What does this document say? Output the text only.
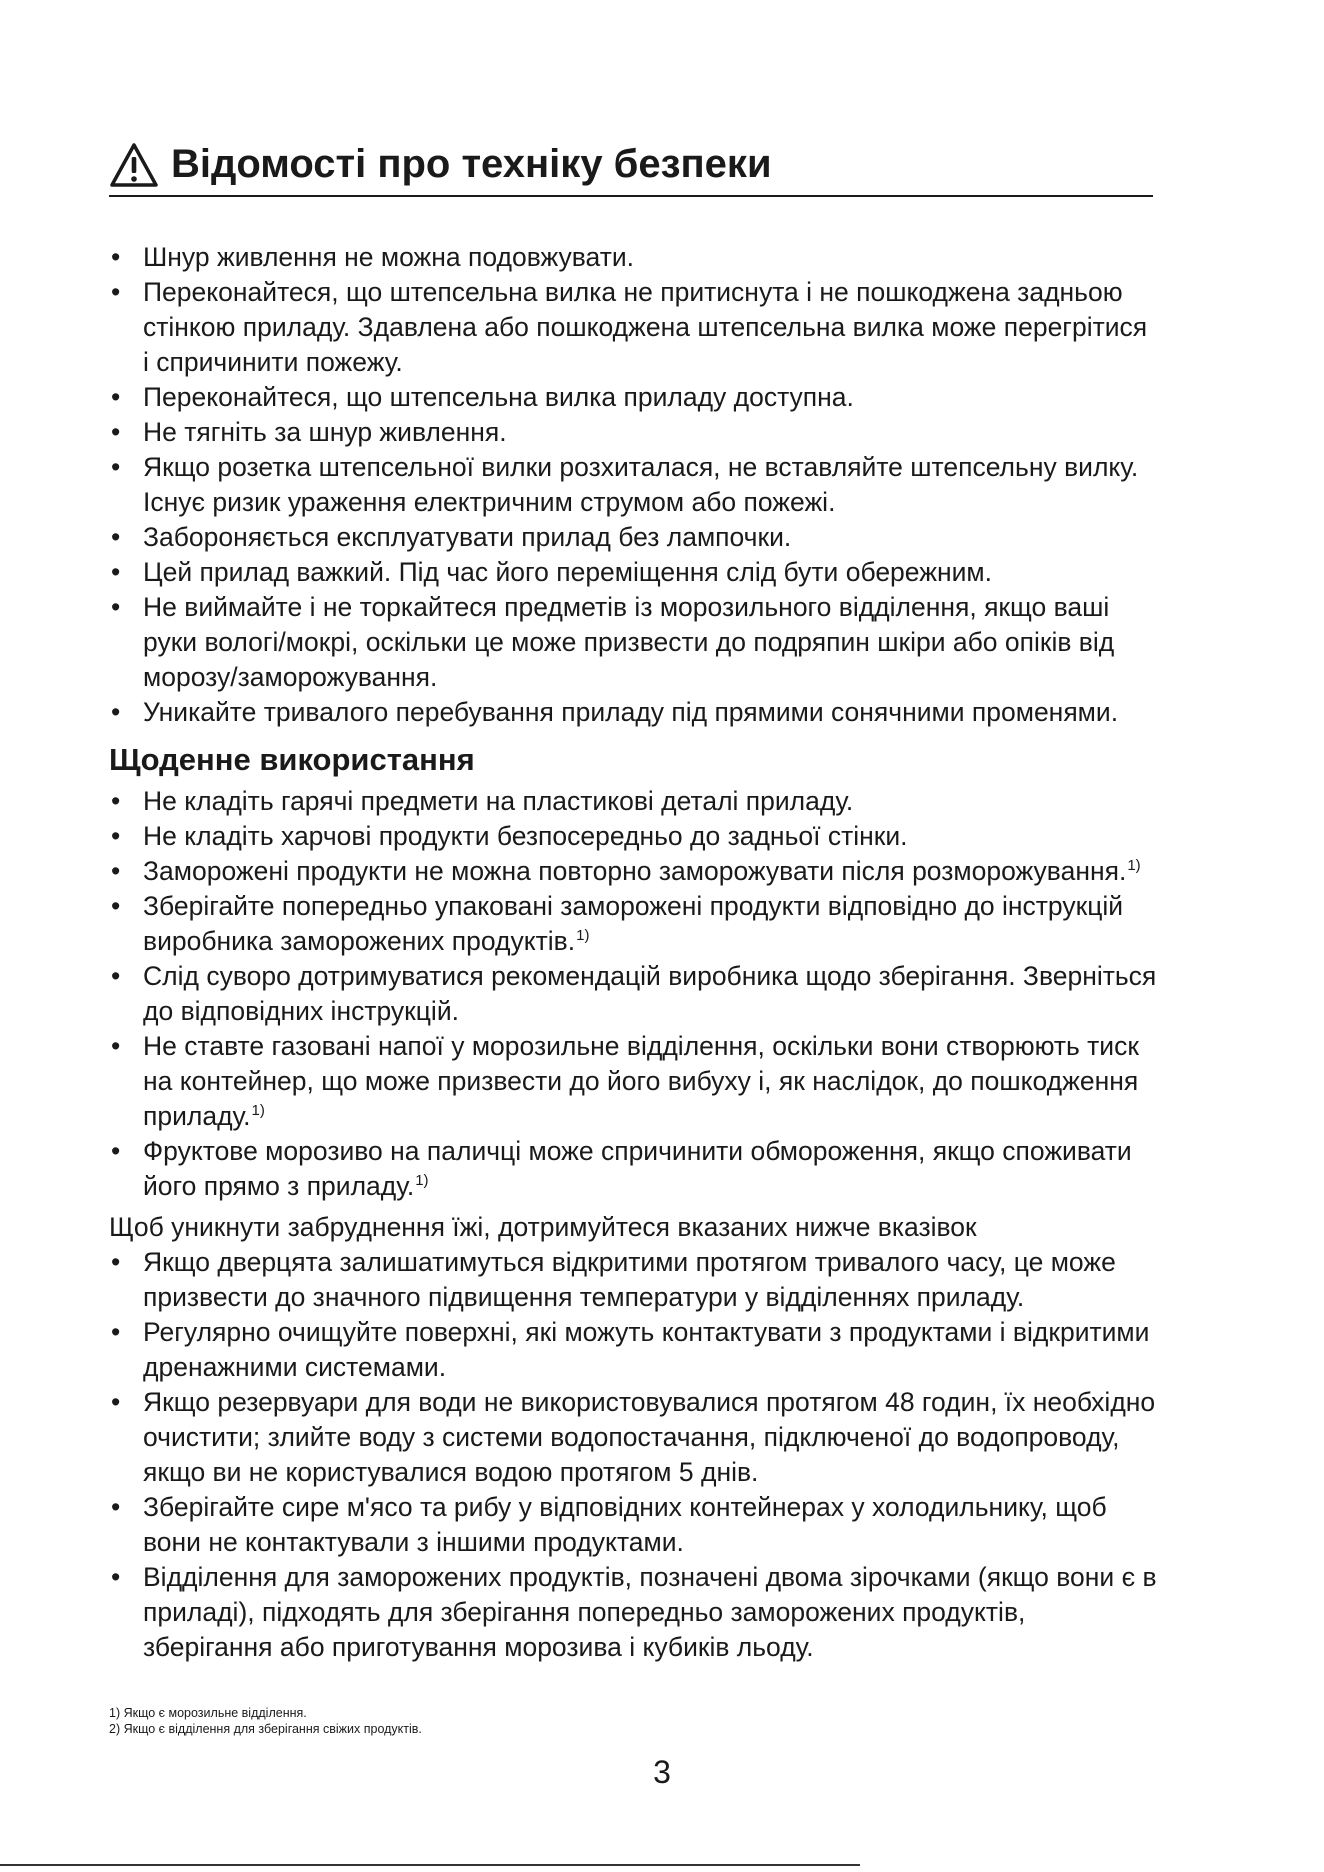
Відомості про техніку безпеки
• Шнур живлення не можна подовжувати.
• Переконайтеся, що штепсельна вилка не притиснута і не пошкоджена задньою стінкою приладу. Здавлена або пошкоджена штепсельна вилка може перегрітися і спричинити пожежу.
• Переконайтеся, що штепсельна вилка приладу доступна.
• Не тягніть за шнур живлення.
• Якщо розетка штепсельної вилки розхиталася, не вставляйте штепсельну вилку. Існує ризик ураження електричним струмом або пожежі.
• Забороняється експлуатувати прилад без лампочки.
• Цей прилад важкий. Під час його переміщення слід бути обережним.
• Не виймайте і не торкайтеся предметів із морозильного відділення, якщо ваші руки вологі/мокрі, оскільки це може призвести до подряпин шкіри або опіків від морозу/заморожування.
• Уникайте тривалого перебування приладу під прямими сонячними променями.
Щоденне використання
• Не кладіть гарячі предмети на пластикові деталі приладу.
• Не кладіть харчові продукти безпосередньо до задньої стінки.
• Заморожені продукти не можна повторно заморожувати після розморожування.$^{1)}$
• Зберігайте попередньо упаковані заморожені продукти відповідно до інструкцій виробника заморожених продуктів.$^{1)}$
• Слід суворо дотримуватися рекомендацій виробника щодо зберігання. Зверніться до відповідних інструкцій.
• Не ставте газовані напої у морозильне відділення, оскільки вони створюють тиск на контейнер, що може призвести до його вибуху і, як наслідок, до пошкодження приладу.$^{1)}$
• Фруктове морозиво на паличці може спричинити обмороження, якщо споживати його прямо з приладу.$^{1)}$

Щоб уникнути забруднення їжі, дотримуйтеся вказаних нижче вказівок

• Якщо дверцята залишатимуться відкритими протягом тривалого часу, це може призвести до значного підвищення температури у відділеннях приладу.
• Регулярно очищуйте поверхні, які можуть контактувати з продуктами і відкритими дренажними системами.
• Якщо резервуари для води не використовувалися протягом 48 годин, їх необхідно очистити; злийте воду з системи водопостачання, підключеної до водопроводу, якщо ви не користувалися водою протягом 5 днів.
• Зберігайте сире м'ясо та рибу у відповідних контейнерах у холодильнику, щоб вони не контактували з іншими продуктами.
• Відділення для заморожених продуктів, позначені двома зірочками (якщо вони є в приладі), підходять для зберігання попередньо заморожених продуктів, зберігання або приготування морозива і кубиків льоду.
1) Якщо є морозильне відділення.
2) Якщо є відділення для зберігання свіжих продуктів.
3
